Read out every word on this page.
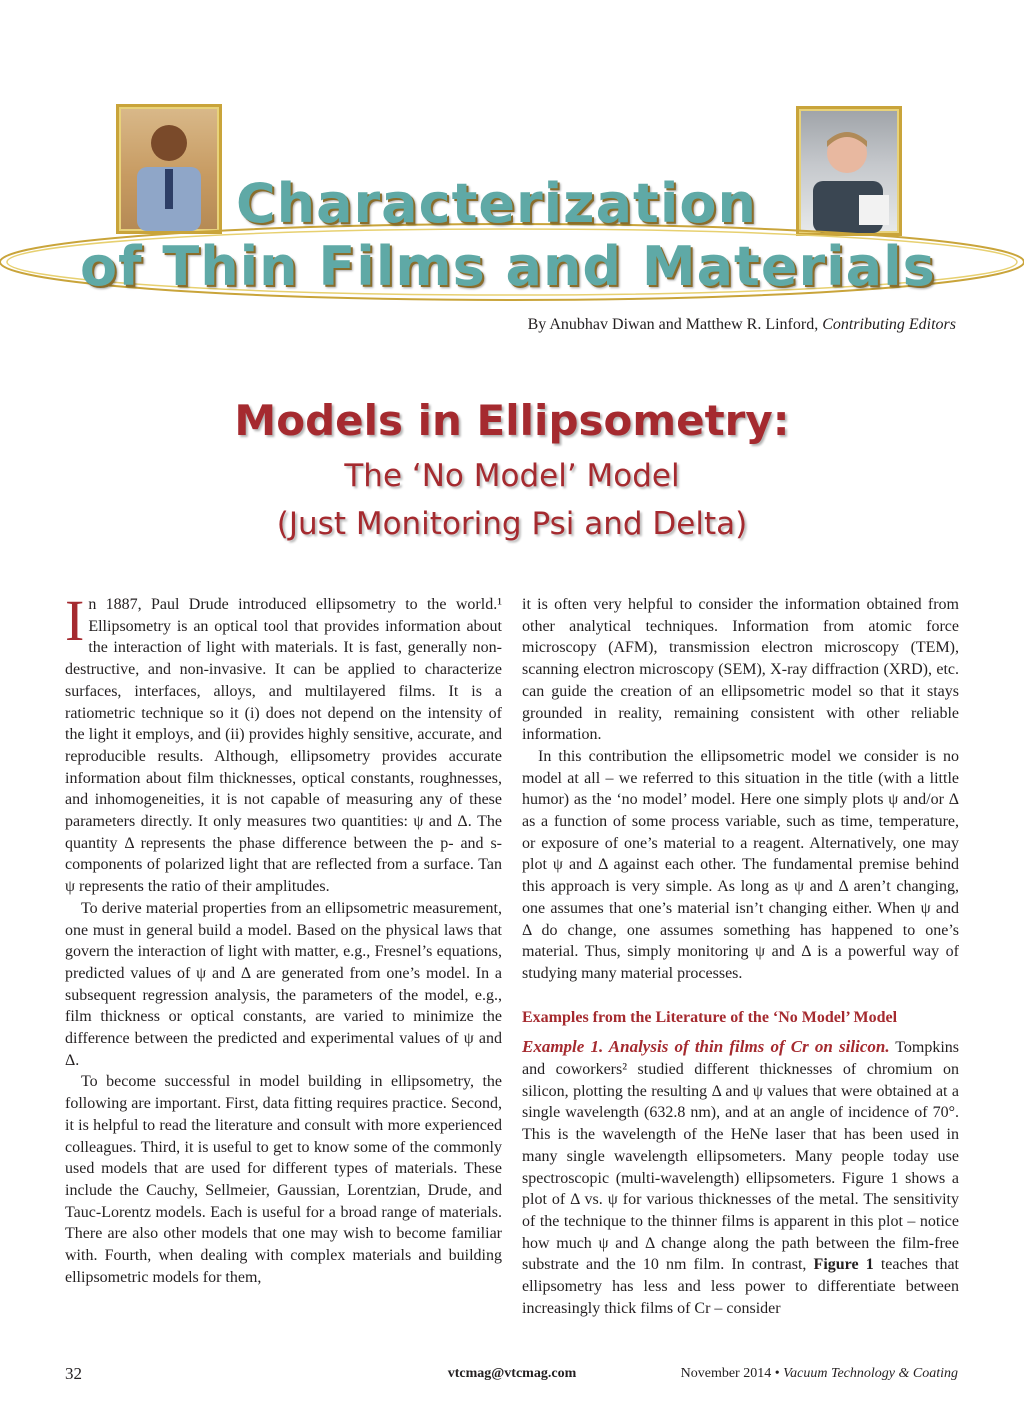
Characterization
of Thin Films and Materials
By Anubhav Diwan and Matthew R. Linford, Contributing Editors
Models in Ellipsometry:
The ‘No Model’ Model
(Just Monitoring Psi and Delta)

In 1887, Paul Drude introduced ellipsometry to the world.¹ Ellipsometry is an optical tool that provides information about the interaction of light with materials. It is fast, generally non-destructive, and non-invasive. It can be applied to characterize surfaces, interfaces, alloys, and multilayered films. It is a ratiometric technique so it (i) does not depend on the intensity of the light it employs, and (ii) provides highly sensitive, accurate, and reproducible results. Although, ellipsometry provides accurate information about film thicknesses, optical constants, roughnesses, and inhomogeneities, it is not capable of measuring any of these parameters directly. It only measures two quantities: ψ and Δ. The quantity Δ represents the phase difference between the p- and s-components of polarized light that are reflected from a surface. Tan ψ represents the ratio of their amplitudes.

To derive material properties from an ellipsometric measurement, one must in general build a model. Based on the physical laws that govern the interaction of light with matter, e.g., Fresnel’s equations, predicted values of ψ and Δ are generated from one’s model. In a subsequent regression analysis, the parameters of the model, e.g., film thickness or optical constants, are varied to minimize the difference between the predicted and experimental values of ψ and Δ.

To become successful in model building in ellipsometry, the following are important. First, data fitting requires practice. Second, it is helpful to read the literature and consult with more experienced colleagues. Third, it is useful to get to know some of the commonly used models that are used for different types of materials. These include the Cauchy, Sellmeier, Gaussian, Lorentzian, Drude, and Tauc-Lorentz models. Each is useful for a broad range of materials. There are also other models that one may wish to become familiar with. Fourth, when dealing with complex materials and building ellipsometric models for them,

it is often very helpful to consider the information obtained from other analytical techniques. Information from atomic force microscopy (AFM), transmission electron microscopy (TEM), scanning electron microscopy (SEM), X-ray diffraction (XRD), etc. can guide the creation of an ellipsometric model so that it stays grounded in reality, remaining consistent with other reliable information.

In this contribution the ellipsometric model we consider is no model at all – we referred to this situation in the title (with a little humor) as the ‘no model’ model. Here one simply plots ψ and/or Δ as a function of some process variable, such as time, temperature, or exposure of one’s material to a reagent. Alternatively, one may plot ψ and Δ against each other. The fundamental premise behind this approach is very simple. As long as ψ and Δ aren’t changing, one assumes that one’s material isn’t changing either. When ψ and Δ do change, one assumes something has happened to one’s material. Thus, simply monitoring ψ and Δ is a powerful way of studying many material processes.

Examples from the Literature of the ‘No Model’ Model

Example 1. Analysis of thin films of Cr on silicon. Tompkins and coworkers² studied different thicknesses of chromium on silicon, plotting the resulting Δ and ψ values that were obtained at a single wavelength (632.8 nm), and at an angle of incidence of 70°. This is the wavelength of the HeNe laser that has been used in many single wavelength ellipsometers. Many people today use spectroscopic (multi-wavelength) ellipsometers. Figure 1 shows a plot of Δ vs. ψ for various thicknesses of the metal. The sensitivity of the technique to the thinner films is apparent in this plot – notice how much ψ and Δ change along the path between the film-free substrate and the 10 nm film. In contrast, Figure 1 teaches that ellipsometry has less and less power to differentiate between increasingly thick films of Cr – consider

32	vtcmag@vtcmag.com	November 2014 • Vacuum Technology & Coating
